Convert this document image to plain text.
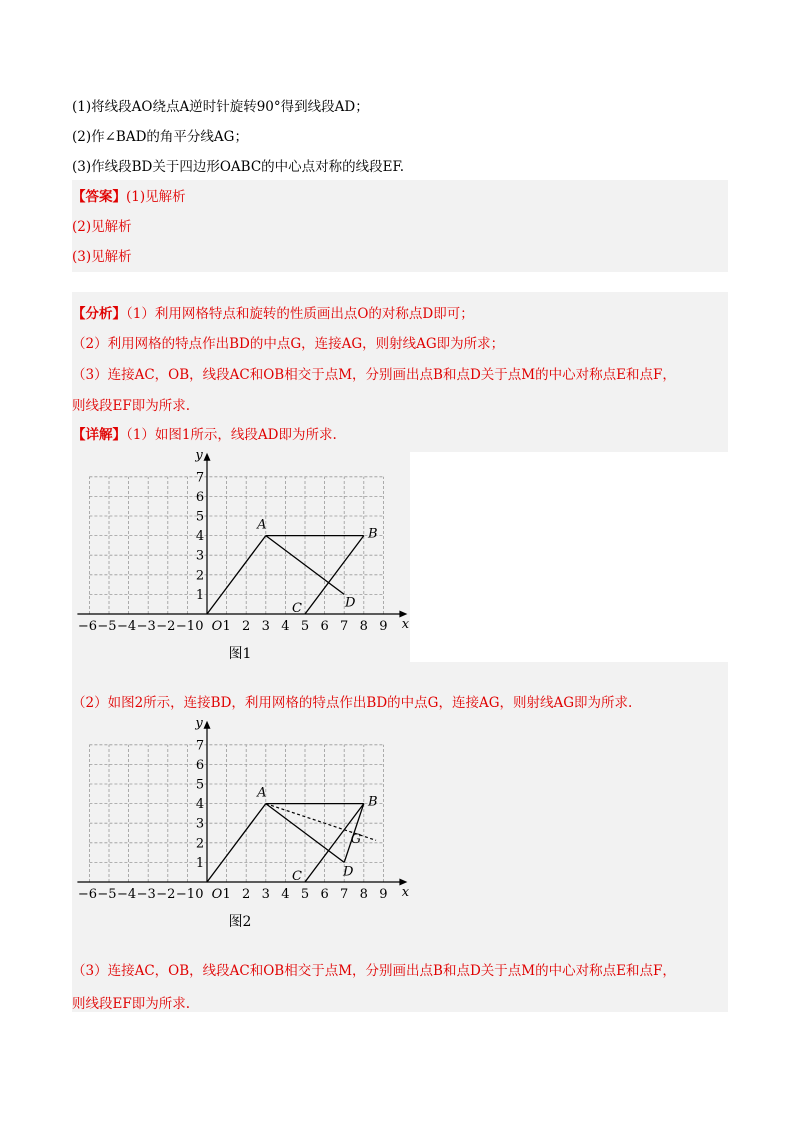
(1)将线段AO绕点A逆时针旋转90°得到线段AD；
(2)作∠BAD的角平分线AG；
(3)作线段BD关于四边形OABC的中心点对称的线段EF.
【答案】(1)见解析
(2)见解析
(3)见解析
【分析】（1）利用网格特点和旋转的性质画出点O的对称点D即可；
（2）利用网格的特点作出BD的中点G，连接AG，则射线AG即为所求；
（3）连接AC，OB，线段AC和OB相交于点M，分别画出点B和点D关于点M的中心对称点E和点F，
则线段EF即为所求.
【详解】（1）如图1所示，线段AD即为所求.
x
y
−6 −5 −4 −3 −2 −1 1 2 3 4 5 6 7 8 9
0 O
1
2
3
4
5
6
7
A
B
C	D
图1
（2）如图2所示，连接BD，利用网格的特点作出BD的中点G，连接AG，则射线AG即为所求.
x
y
−6 −5 −4 −3 −2 −1 1 2 3 4 5 6 7 8 9
0 O
1
2
3
4
5
6
7
A
B
C	D
G
图2
（3）连接AC，OB，线段AC和OB相交于点M，分别画出点B和点D关于点M的中心对称点E和点F，
则线段EF即为所求.
